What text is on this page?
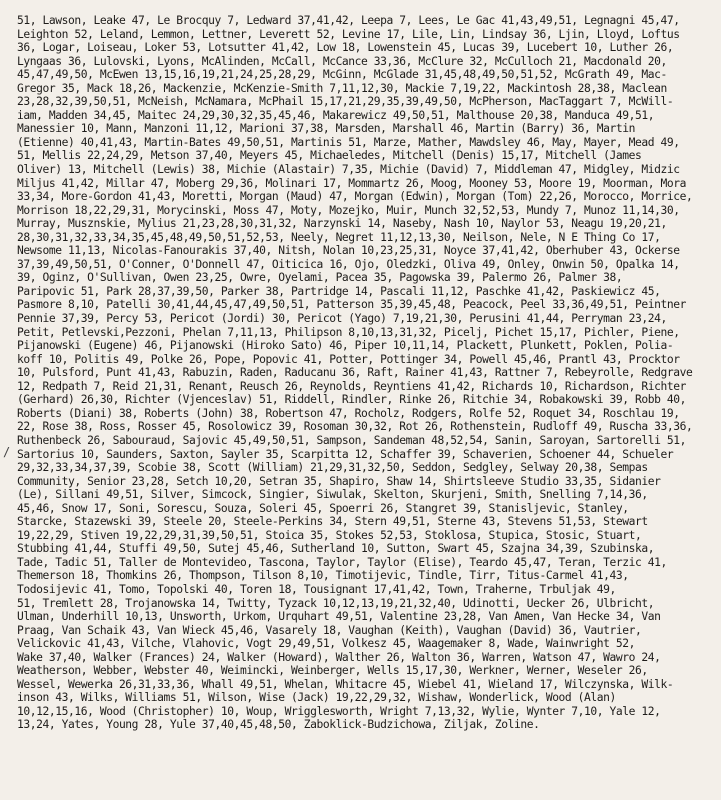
/
51, Lawson, Leake 47, Le Brocquy 7, Ledward 37,41,42, Leepa 7, Lees, Le Gac 41,43,49,51, Legnagni 45,47,
Leighton 52, Leland, Lemmon, Lettner, Leverett 52, Levine 17, Lile, Lin, Lindsay 36, Ljin, Lloyd, Loftus
36, Logar, Loiseau, Loker 53, Lotsutter 41,42, Low 18, Lowenstein 45, Lucas 39, Lucebert 10, Luther 26,
Lyngaas 36, Lulovski, Lyons, McAlinden, McCall, McCance 33,36, McClure 32, McCulloch 21, Macdonald 20,
45,47,49,50, McEwen 13,15,16,19,21,24,25,28,29, McGinn, McGlade 31,45,48,49,50,51,52, McGrath 49, Mac-
Gregor 35, Mack 18,26, Mackenzie, McKenzie-Smith 7,11,12,30, Mackie 7,19,22, Mackintosh 28,38, Maclean
23,28,32,39,50,51, McNeish, McNamara, McPhail 15,17,21,29,35,39,49,50, McPherson, MacTaggart 7, McWill-
iam, Madden 34,45, Maitec 24,29,30,32,35,45,46, Makarewicz 49,50,51, Malthouse 20,38, Manduca 49,51,
Manessier 10, Mann, Manzoni 11,12, Marioni 37,38, Marsden, Marshall 46, Martin (Barry) 36, Martin
(Etienne) 40,41,43, Martin-Bates 49,50,51, Martinis 51, Marze, Mather, Mawdsley 46, May, Mayer, Mead 49,
51, Mellis 22,24,29, Metson 37,40, Meyers 45, Michaeledes, Mitchell (Denis) 15,17, Mitchell (James
Oliver) 13, Mitchell (Lewis) 38, Michie (Alastair) 7,35, Michie (David) 7, Middleman 47, Midgley, Midzic
Miljus 41,42, Millar 47, Moberg 29,36, Molinari 17, Mommartz 26, Moog, Mooney 53, Moore 19, Moorman, Mora
33,34, More-Gordon 41,43, Moretti, Morgan (Maud) 47, Morgan (Edwin), Morgan (Tom) 22,26, Morocco, Morrice,
Morrison 18,22,29,31, Morycinski, Moss 47, Moty, Mozejko, Muir, Munch 32,52,53, Mundy 7, Munoz 11,14,30,
Murray, Musznskie, Mylius 21,23,28,30,31,32, Narzynski 14, Naseby, Nash 10, Naylor 53, Neagu 19,20,21,
28,30,31,32,33,34,35,45,48,49,50,51,52,53, Neely, Negret 11,12,13,30, Neilson, Nele, N E Thing Co 17,
Newsome 11,13, Nicolas-Fanourakis 37,40, Nitsh, Nolan 10,23,25,31, Noyce 37,41,42, Oberhuber 43, Ockerse
37,39,49,50,51, O'Conner, O'Donnell 47, Oiticica 16, Ojo, Oledzki, Oliva 49, Onley, Onwin 50, Opalka 14,
39, Oginz, O'Sullivan, Owen 23,25, Owre, Oyelami, Pacea 35, Pagowska 39, Palermo 26, Palmer 38,
Paripovic 51, Park 28,37,39,50, Parker 38, Partridge 14, Pascali 11,12, Paschke 41,42, Paskiewicz 45,
Pasmore 8,10, Patelli 30,41,44,45,47,49,50,51, Patterson 35,39,45,48, Peacock, Peel 33,36,49,51, Peintner
Pennie 37,39, Percy 53, Pericot (Jordi) 30, Pericot (Yago) 7,19,21,30, Perusini 41,44, Perryman 23,24,
Petit, Petlevski,Pezzoni, Phelan 7,11,13, Philipson 8,10,13,31,32, Picelj, Pichet 15,17, Pichler, Piene,
Pijanowski (Eugene) 46, Pijanowski (Hiroko Sato) 46, Piper 10,11,14, Plackett, Plunkett, Poklen, Polia-
koff 10, Politis 49, Polke 26, Pope, Popovic 41, Potter, Pottinger 34, Powell 45,46, Prantl 43, Procktor
10, Pulsford, Punt 41,43, Rabuzin, Raden, Raducanu 36, Raft, Rainer 41,43, Rattner 7, Rebeyrolle, Redgrave
12, Redpath 7, Reid 21,31, Renant, Reusch 26, Reynolds, Reyntiens 41,42, Richards 10, Richardson, Richter
(Gerhard) 26,30, Richter (Vjenceslav) 51, Riddell, Rindler, Rinke 26, Ritchie 34, Robakowski 39, Robb 40,
Roberts (Diani) 38, Roberts (John) 38, Robertson 47, Rocholz, Rodgers, Rolfe 52, Roquet 34, Roschlau 19,
22, Rose 38, Ross, Rosser 45, Rosolowicz 39, Rosoman 30,32, Rot 26, Rothenstein, Rudloff 49, Ruscha 33,36,
Ruthenbeck 26, Sabouraud, Sajovic 45,49,50,51, Sampson, Sandeman 48,52,54, Sanin, Saroyan, Sartorelli 51,
Sartorius 10, Saunders, Saxton, Sayler 35, Scarpitta 12, Schaffer 39, Schaverien, Schoener 44, Schueler
29,32,33,34,37,39, Scobie 38, Scott (William) 21,29,31,32,50, Seddon, Sedgley, Selway 20,38, Sempas
Community, Senior 23,28, Setch 10,20, Setran 35, Shapiro, Shaw 14, Shirtsleeve Studio 33,35, Sidanier
(Le), Sillani 49,51, Silver, Simcock, Singier, Siwulak, Skelton, Skurjeni, Smith, Snelling 7,14,36,
45,46, Snow 17, Soni, Sorescu, Souza, Soleri 45, Spoerri 26, Stangret 39, Stanisljevic, Stanley,
Starcke, Stazewski 39, Steele 20, Steele-Perkins 34, Stern 49,51, Sterne 43, Stevens 51,53, Stewart
19,22,29, Stiven 19,22,29,31,39,50,51, Stoica 35, Stokes 52,53, Stoklosa, Stupica, Stosic, Stuart,
Stubbing 41,44, Stuffi 49,50, Sutej 45,46, Sutherland 10, Sutton, Swart 45, Szajna 34,39, Szubinska,
Tade, Tadic 51, Taller de Montevideo, Tascona, Taylor, Taylor (Elise), Teardo 45,47, Teran, Terzic 41,
Themerson 18, Thomkins 26, Thompson, Tilson 8,10, Timotijevic, Tindle, Tirr, Titus-Carmel 41,43,
Todosijevic 41, Tomo, Topolski 40, Toren 18, Tousignant 17,41,42, Town, Traherne, Trbuljak 49,
51, Tremlett 28, Trojanowska 14, Twitty, Tyzack 10,12,13,19,21,32,40, Udinotti, Uecker 26, Ulbricht,
Ulman, Underhill 10,13, Unsworth, Urkom, Urquhart 49,51, Valentine 23,28, Van Amen, Van Hecke 34, Van
Praag, Van Schaik 43, Van Wieck 45,46, Vasarely 18, Vaughan (Keith), Vaughan (David) 36, Vautrier,
Velickovic 41,43, Vilche, Vlahovic, Vogt 29,49,51, Volkesz 45, Waagemaker 8, Wade, Wainwright 52,
Wake 37,40, Walker (Frances) 24, Walker (Howard), Walther 26, Walton 36, Warren, Watson 47, Wawro 24,
Weatherson, Webber, Webster 40, Weimincki, Weinberger, Wells 15,17,30, Werkner, Werner, Weseler 26,
Wessel, Wewerka 26,31,33,36, Whall 49,51, Whelan, Whitacre 45, Wiebel 41, Wieland 17, Wilczynska, Wilk-
inson 43, Wilks, Williams 51, Wilson, Wise (Jack) 19,22,29,32, Wishaw, Wonderlick, Wood (Alan)
10,12,15,16, Wood (Christopher) 10, Woup, Wrigglesworth, Wright 7,13,32, Wylie, Wynter 7,10, Yale 12,
13,24, Yates, Young 28, Yule 37,40,45,48,50, Zaboklick-Budzichowa, Ziljak, Zoline.
